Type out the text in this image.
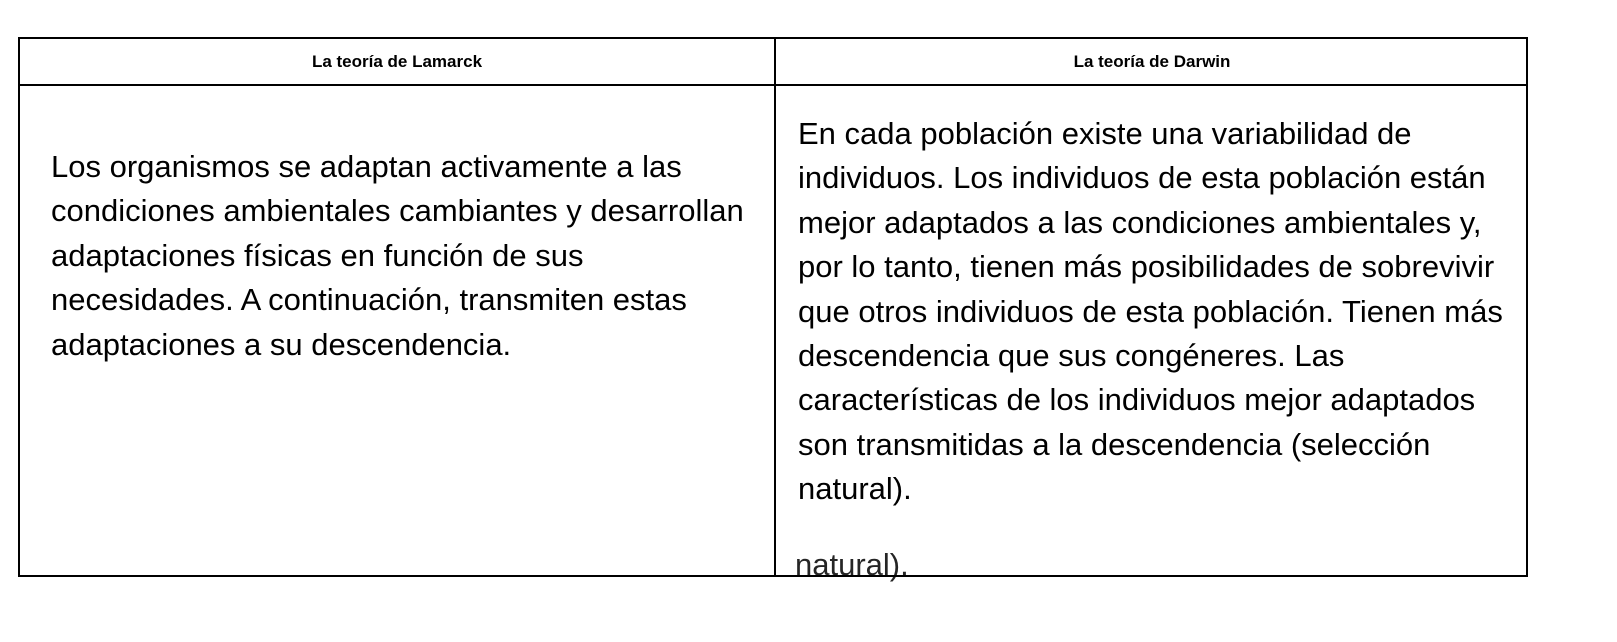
La teoría de Lamarck	La teoría de Darwin

Los organismos se adaptan activamente a las condiciones ambientales cambiantes y desarrollan adaptaciones físicas en función de sus necesidades. A continuación, transmiten estas adaptaciones a su descendencia.

En cada población existe una variabilidad de individuos. Los individuos de esta población están mejor adaptados a las condiciones ambientales y, por lo tanto, tienen más posibilidades de sobrevivir que otros individuos de esta población. Tienen más descendencia que sus congéneres. Las características de los individuos mejor adaptados son transmitidas a la descendencia (selección natural).

natural).
